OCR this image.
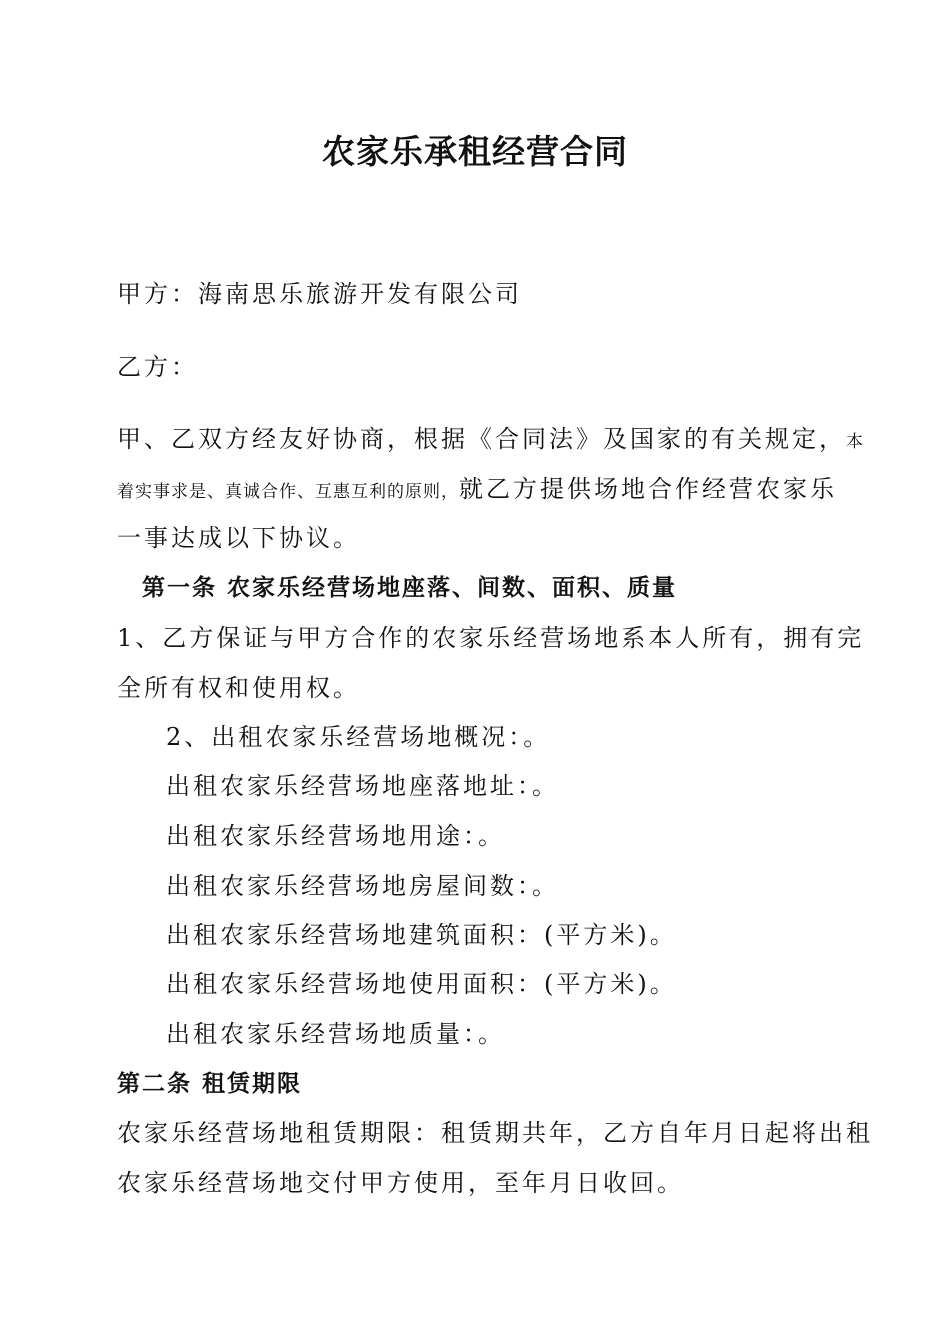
农家乐承租经营合同
甲方：海南思乐旅游开发有限公司
乙方：
甲、乙双方经友好协商，根据《合同法》及国家的有关规定，本
着实事求是、真诚合作、互惠互利的原则，就乙方提供场地合作经营农家乐
一事达成以下协议。
第一条 农家乐经营场地座落、间数、面积、质量
1、乙方保证与甲方合作的农家乐经营场地系本人所有，拥有完
全所有权和使用权。
2、出租农家乐经营场地概况：。
出租农家乐经营场地座落地址：。
出租农家乐经营场地用途：。
出租农家乐经营场地房屋间数：。
出租农家乐经营场地建筑面积：(平方米)。
出租农家乐经营场地使用面积：(平方米)。
出租农家乐经营场地质量：。
第二条 租赁期限
农家乐经营场地租赁期限：租赁期共年，乙方自年月日起将出租
农家乐经营场地交付甲方使用，至年月日收回。
